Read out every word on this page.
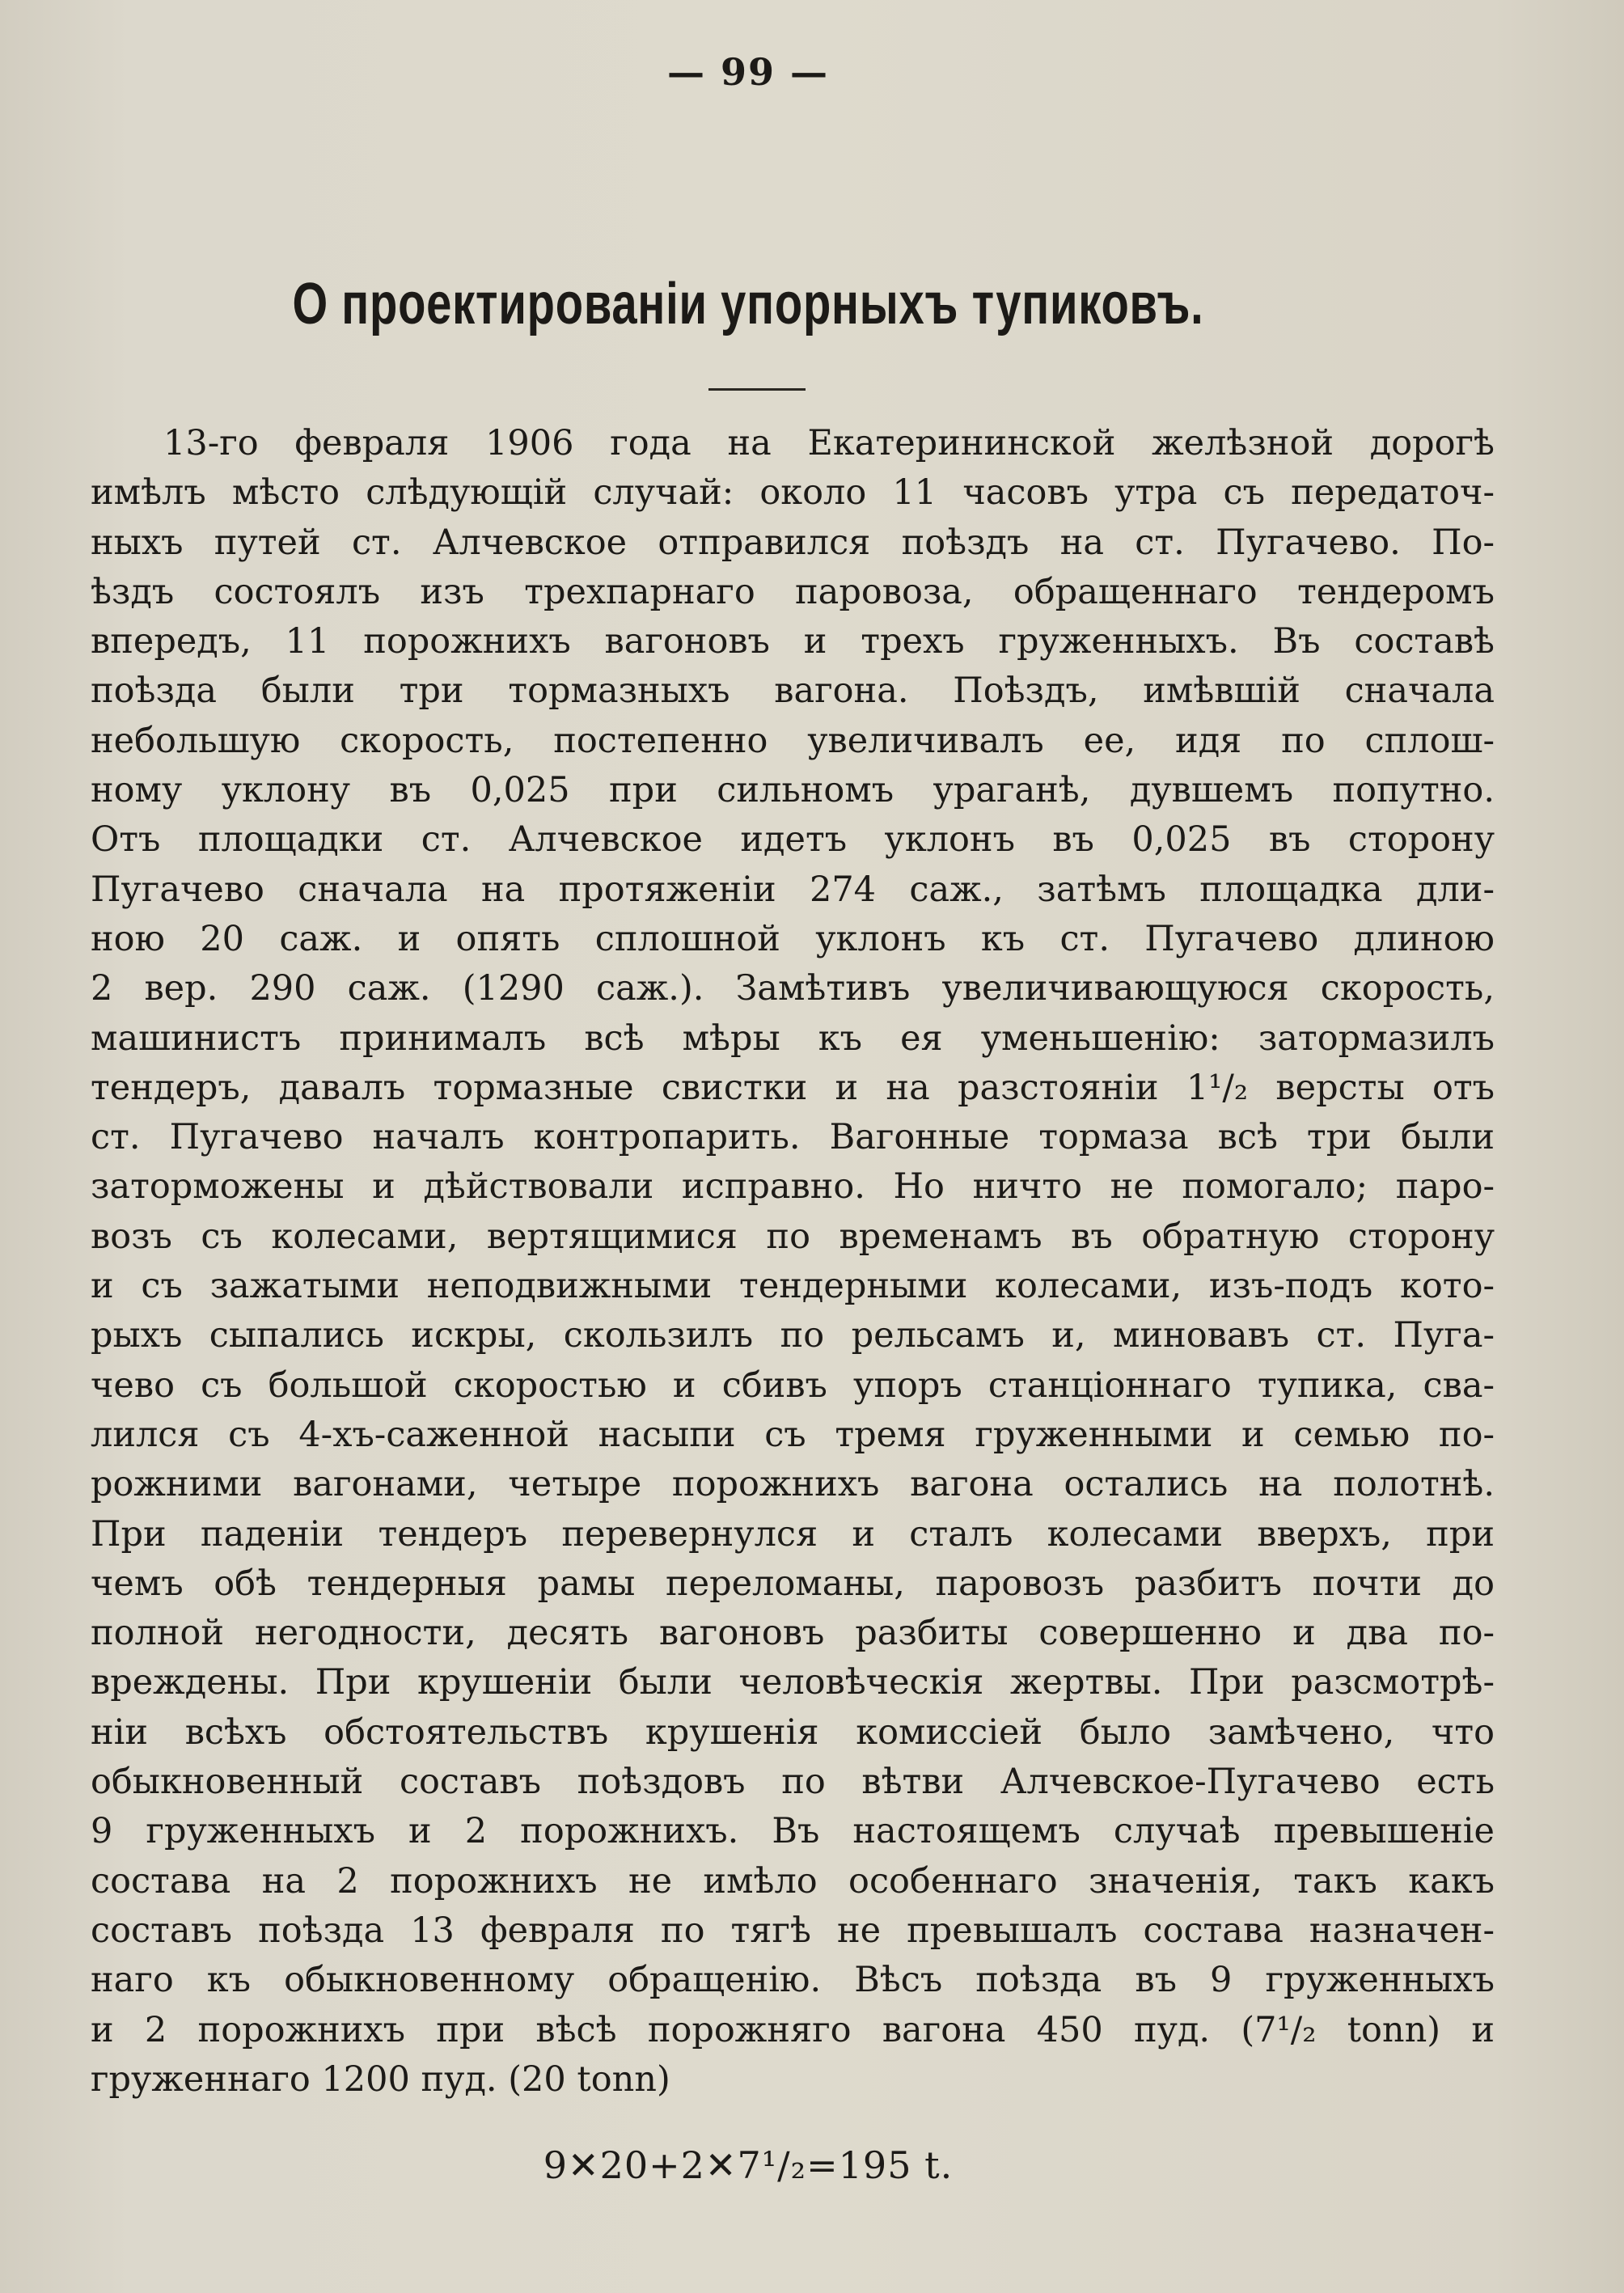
— 99 —
О проектированіи упорныхъ тупиковъ.
13-го февраля 1906 года на Екатерининской желѣзной дорогѣ
имѣлъ мѣсто слѣдующій случай: около 11 часовъ утра съ передаточ-
ныхъ путей ст. Алчевское отправился поѣздъ на ст. Пугачево. По-
ѣздъ состоялъ изъ трехпарнаго паровоза, обращеннаго тендеромъ
впередъ, 11 порожнихъ вагоновъ и трехъ груженныхъ. Въ составѣ
поѣзда были три тормазныхъ вагона. Поѣздъ, имѣвшій сначала
небольшую скорость, постепенно увеличивалъ ее, идя по сплош-
ному уклону въ 0,025 при сильномъ ураганѣ, дувшемъ попутно.
Отъ площадки ст. Алчевское идетъ уклонъ въ 0,025 въ сторону
Пугачево сначала на протяженіи 274 саж., затѣмъ площадка дли-
ною 20 саж. и опять сплошной уклонъ къ ст. Пугачево длиною
2 вер. 290 саж. (1290 саж.). Замѣтивъ увеличивающуюся скорость,
машинистъ принималъ всѣ мѣры къ ея уменьшенію: затормазилъ
тендеръ, давалъ тормазные свистки и на разстояніи 1¹/₂ версты отъ
ст. Пугачево началъ контропарить. Вагонные тормаза всѣ три были
заторможены и дѣйствовали исправно. Но ничто не помогало; паро-
возъ съ колесами, вертящимися по временамъ въ обратную сторону
и съ зажатыми неподвижными тендерными колесами, изъ-подъ кото-
рыхъ сыпались искры, скользилъ по рельсамъ и, миновавъ ст. Пуга-
чево съ большой скоростью и сбивъ упоръ станціоннаго тупика, сва-
лился съ 4-хъ-саженной насыпи съ тремя груженными и семью по-
рожними вагонами, четыре порожнихъ вагона остались на полотнѣ.
При паденіи тендеръ перевернулся и сталъ колесами вверхъ, при
чемъ обѣ тендерныя рамы переломаны, паровозъ разбитъ почти до
полной негодности, десять вагоновъ разбиты совершенно и два по-
вреждены. При крушеніи были человѣческія жертвы. При разсмотрѣ-
ніи всѣхъ обстоятельствъ крушенія комиссіей было замѣчено, что
обыкновенный составъ поѣздовъ по вѣтви Алчевское-Пугачево есть
9 груженныхъ и 2 порожнихъ. Въ настоящемъ случаѣ превышеніе
состава на 2 порожнихъ не имѣло особеннаго значенія, такъ какъ
составъ поѣзда 13 февраля по тягѣ не превышалъ состава назначен-
наго къ обыкновенному обращенію. Вѣсъ поѣзда въ 9 груженныхъ
и 2 порожнихъ при вѣсѣ порожняго вагона 450 пуд. (7¹/₂ tonn) и
груженнаго 1200 пуд. (20 tonn)
9✕20+2✕7¹/₂=195 t.
